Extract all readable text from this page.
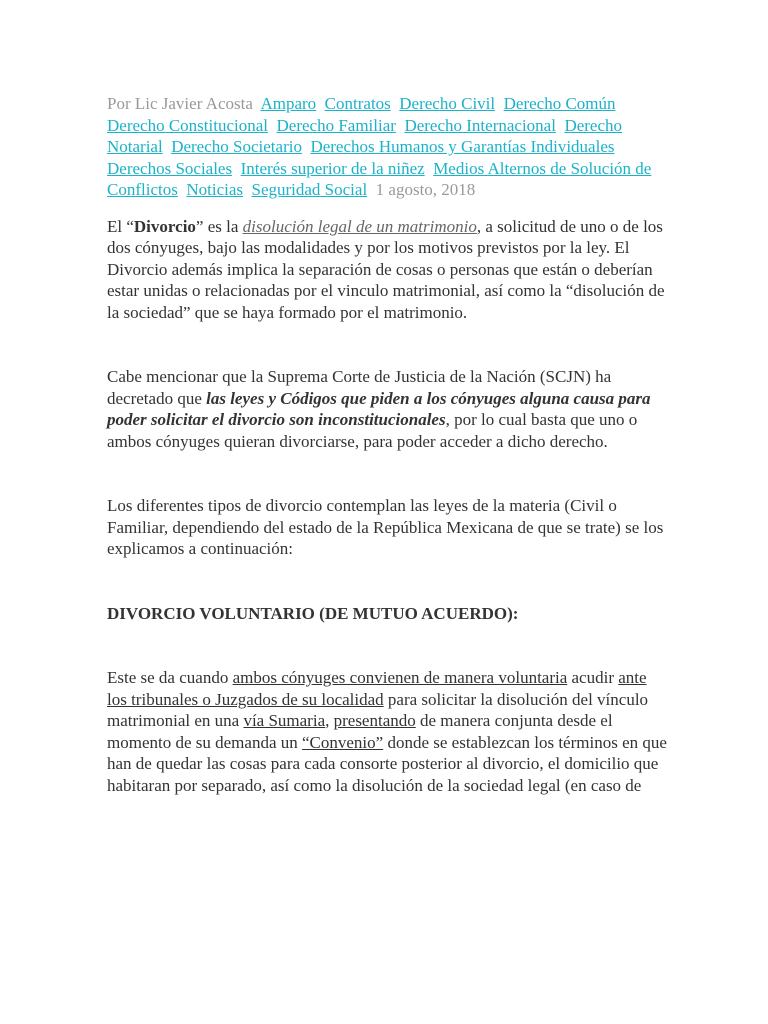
Por Lic Javier Acosta Amparo Contratos Derecho Civil Derecho Común  Derecho Constitucional Derecho Familiar Derecho Internacional Derecho Notarial Derecho Societario Derechos Humanos y Garantías Individuales  Derechos Sociales Interés superior de la niñez Medios Alternos de Solución de Conflictos Noticias Seguridad Social 1 agosto, 2018

El “Divorcio” es la disolución legal de un matrimonio, a solicitud de uno o de los dos cónyuges, bajo las modalidades y por los motivos previstos por la ley. El Divorcio además implica la separación de cosas o personas que están o deberían estar unidas o relacionadas por el vinculo matrimonial, así como la “disolución de la sociedad” que se haya formado por el matrimonio.

Cabe mencionar que la Suprema Corte de Justicia de la Nación (SCJN) ha decretado que las leyes y Códigos que piden a los cónyuges alguna causa para poder solicitar el divorcio son inconstitucionales, por lo cual basta que uno o ambos cónyuges quieran divorciarse, para poder acceder a dicho derecho.

Los diferentes tipos de divorcio contemplan las leyes de la materia (Civil o Familiar, dependiendo del estado de la República Mexicana de que se trate) se los explicamos a continuación:

DIVORCIO VOLUNTARIO (DE MUTUO ACUERDO):

Este se da cuando ambos cónyuges convienen de manera voluntaria acudir ante los tribunales o Juzgados de su localidad para solicitar la disolución del vínculo matrimonial en una vía Sumaria, presentando de manera conjunta desde el momento de su demanda un “Convenio” donde se establezcan los términos en que han de quedar las cosas para cada consorte posterior al divorcio, el domicilio que habitaran por separado, así como la disolución de la sociedad legal (en caso de
